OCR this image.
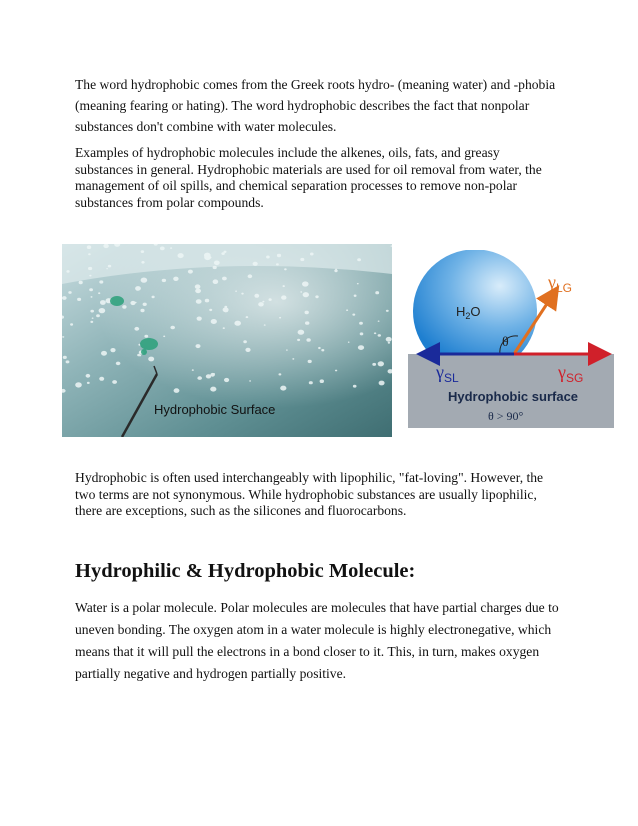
The word hydrophobic comes from the Greek roots hydro- (meaning water) and -phobia (meaning fearing or hating). The word hydrophobic describes the fact that nonpolar substances don't combine with water molecules.

Examples of hydrophobic molecules include the alkenes, oils, fats, and greasy substances in general. Hydrophobic materials are used for oil removal from water, the management of oil spills, and chemical separation processes to remove non-polar substances from polar compounds.

Hydrophobic Surface
$H_2O$
θ
$\gamma_{LG}$
$\gamma_{SL}$	$\gamma_{SG}$
Hydrophobic surface
θ > 90°

Hydrophobic is often used interchangeably with lipophilic, "fat-loving". However, the two terms are not synonymous. While hydrophobic substances are usually lipophilic, there are exceptions, such as the silicones and fluorocarbons.

Hydrophilic & Hydrophobic Molecule:

Water is a polar molecule. Polar molecules are molecules that have partial charges due to uneven bonding. The oxygen atom in a water molecule is highly electronegative, which means that it will pull the electrons in a bond closer to it. This, in turn, makes oxygen partially negative and hydrogen partially positive.
